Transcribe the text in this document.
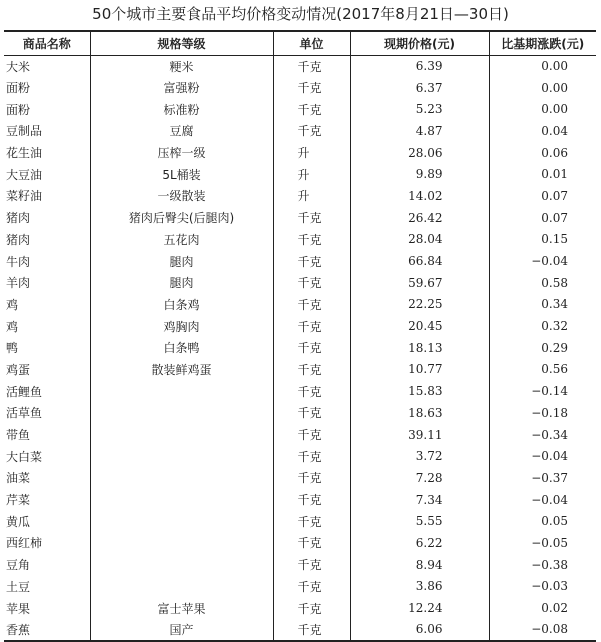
50个城市主要食品平均价格变动情况(2017年8月21日—30日)
商品名称	规格等级	单位	现期价格(元)	比基期涨跌(元)
大米	粳米	千克	6.39	0.00
面粉	富强粉	千克	6.37	0.00
面粉	标准粉	千克	5.23	0.00
豆制品	豆腐	千克	4.87	0.04
花生油	压榨一级	升	28.06	0.06
大豆油	5L桶装	升	9.89	0.01
菜籽油	一级散装	升	14.02	0.07
猪肉	猪肉后臀尖(后腿肉)	千克	26.42	0.07
猪肉	五花肉	千克	28.04	0.15
牛肉	腿肉	千克	66.84	−0.04
羊肉	腿肉	千克	59.67	0.58
鸡	白条鸡	千克	22.25	0.34
鸡	鸡胸肉	千克	20.45	0.32
鸭	白条鸭	千克	18.13	0.29
鸡蛋	散装鲜鸡蛋	千克	10.77	0.56
活鲤鱼		千克	15.83	−0.14
活草鱼		千克	18.63	−0.18
带鱼		千克	39.11	−0.34
大白菜		千克	3.72	−0.04
油菜		千克	7.28	−0.37
芹菜		千克	7.34	−0.04
黄瓜		千克	5.55	0.05
西红柿		千克	6.22	−0.05
豆角		千克	8.94	−0.38
土豆		千克	3.86	−0.03
苹果	富士苹果	千克	12.24	0.02
香蕉	国产	千克	6.06	−0.08
